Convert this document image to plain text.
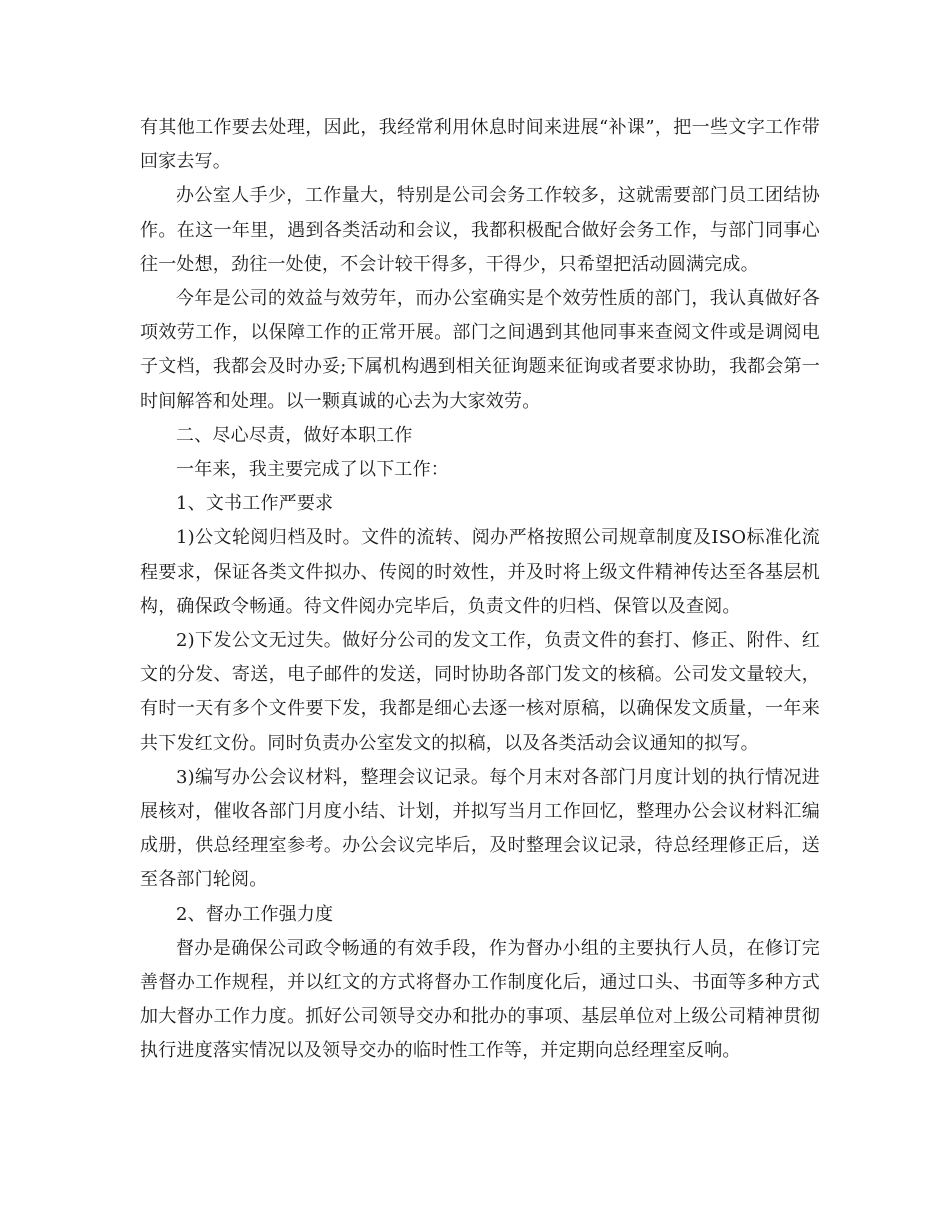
有其他工作要去处理，因此，我经常利用休息时间来进展“补课”，把一些文字工作带回家去写。

办公室人手少，工作量大，特别是公司会务工作较多，这就需要部门员工团结协作。在这一年里，遇到各类活动和会议，我都积极配合做好会务工作，与部门同事心往一处想，劲往一处使，不会计较干得多，干得少，只希望把活动圆满完成。

今年是公司的效益与效劳年，而办公室确实是个效劳性质的部门，我认真做好各项效劳工作，以保障工作的正常开展。部门之间遇到其他同事来查阅文件或是调阅电子文档，我都会及时办妥;下属机构遇到相关征询题来征询或者要求协助，我都会第一时间解答和处理。以一颗真诚的心去为大家效劳。

二、尽心尽责，做好本职工作

一年来，我主要完成了以下工作：

1、文书工作严要求

1)公文轮阅归档及时。文件的流转、阅办严格按照公司规章制度及ISO标准化流程要求，保证各类文件拟办、传阅的时效性，并及时将上级文件精神传达至各基层机构，确保政令畅通。待文件阅办完毕后，负责文件的归档、保管以及查阅。

2)下发公文无过失。做好分公司的发文工作，负责文件的套打、修正、附件、红文的分发、寄送，电子邮件的发送，同时协助各部门发文的核稿。公司发文量较大，有时一天有多个文件要下发，我都是细心去逐一核对原稿，以确保发文质量，一年来共下发红文份。同时负责办公室发文的拟稿，以及各类活动会议通知的拟写。

3)编写办公会议材料，整理会议记录。每个月末对各部门月度计划的执行情况进展核对，催收各部门月度小结、计划，并拟写当月工作回忆，整理办公会议材料汇编成册，供总经理室参考。办公会议完毕后，及时整理会议记录，待总经理修正后，送至各部门轮阅。

2、督办工作强力度

督办是确保公司政令畅通的有效手段，作为督办小组的主要执行人员，在修订完善督办工作规程，并以红文的方式将督办工作制度化后，通过口头、书面等多种方式加大督办工作力度。抓好公司领导交办和批办的事项、基层单位对上级公司精神贯彻执行进度落实情况以及领导交办的临时性工作等，并定期向总经理室反响。
